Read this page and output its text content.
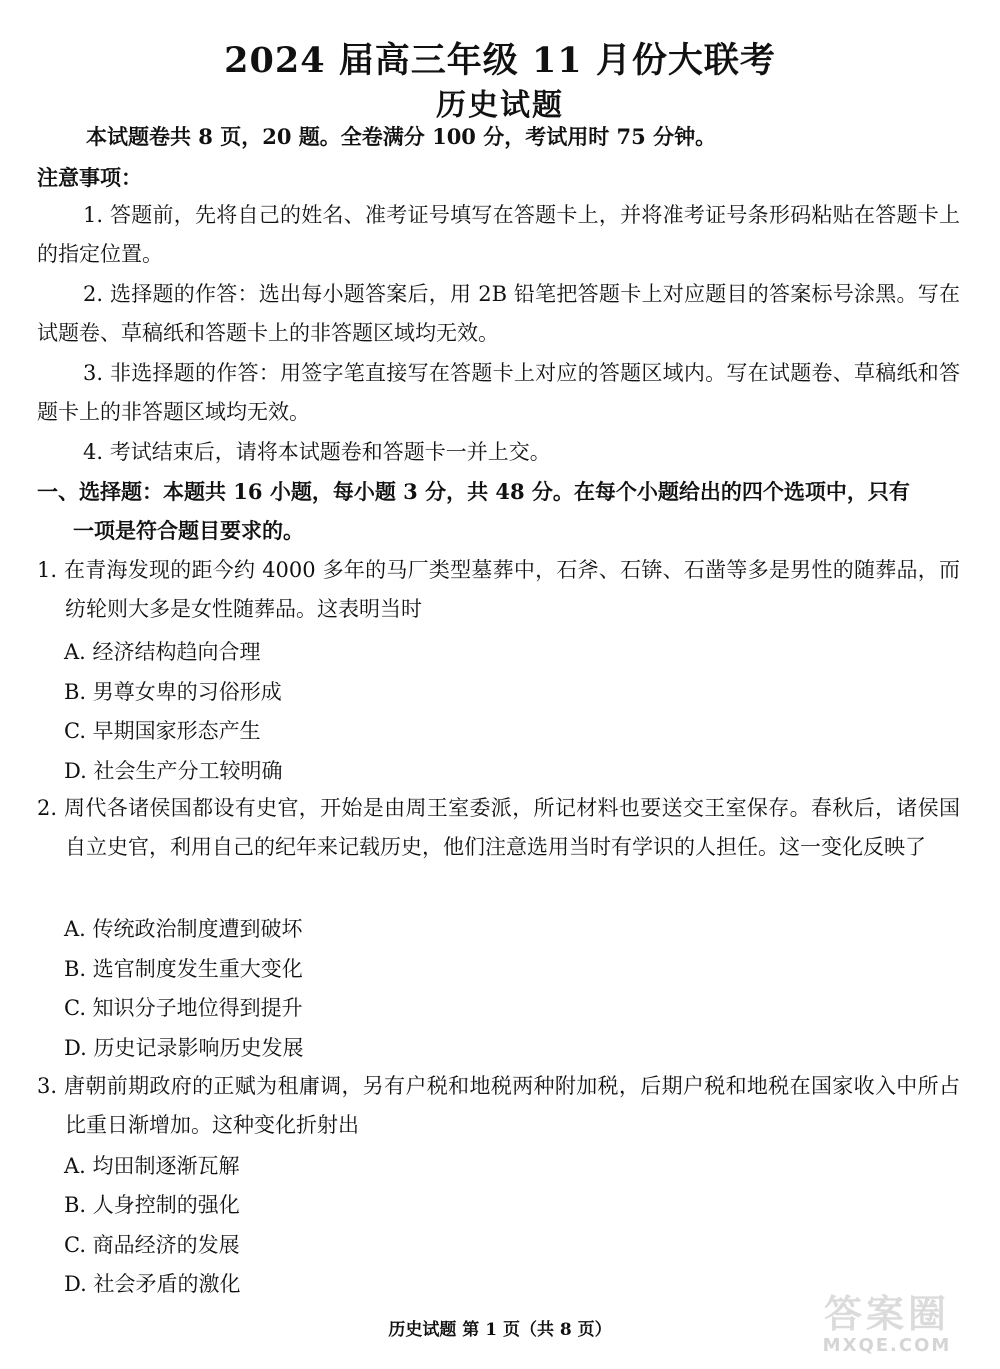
2024 届高三年级 11 月份大联考
历史试题
本试题卷共 8 页，20 题。全卷满分 100 分，考试用时 75 分钟。
注意事项：
1. 答题前，先将自己的姓名、准考证号填写在答题卡上，并将准考证号条形码粘贴在答题卡上的指定位置。
2. 选择题的作答：选出每小题答案后，用 2B 铅笔把答题卡上对应题目的答案标号涂黑。写在试题卷、草稿纸和答题卡上的非答题区域均无效。
3. 非选择题的作答：用签字笔直接写在答题卡上对应的答题区域内。写在试题卷、草稿纸和答题卡上的非答题区域均无效。
4. 考试结束后，请将本试题卷和答题卡一并上交。
一、选择题：本题共 16 小题，每小题 3 分，共 48 分。在每个小题给出的四个选项中，只有
一项是符合题目要求的。
1. 在青海发现的距今约 4000 多年的马厂类型墓葬中，石斧、石锛、石凿等多是男性的随葬品，而纺轮则大多是女性随葬品。这表明当时
A. 经济结构趋向合理
B. 男尊女卑的习俗形成
C. 早期国家形态产生
D. 社会生产分工较明确
2. 周代各诸侯国都设有史官，开始是由周王室委派，所记材料也要送交王室保存。春秋后，诸侯国自立史官，利用自己的纪年来记载历史，他们注意选用当时有学识的人担任。这一变化反映了
A. 传统政治制度遭到破坏
B. 选官制度发生重大变化
C. 知识分子地位得到提升
D. 历史记录影响历史发展
3. 唐朝前期政府的正赋为租庸调，另有户税和地税两种附加税，后期户税和地税在国家收入中所占比重日渐增加。这种变化折射出
A. 均田制逐渐瓦解
B. 人身控制的强化
C. 商品经济的发展
D. 社会矛盾的激化
历史试题 第 1 页（共 8 页）	答案圈
MXQE.COM
